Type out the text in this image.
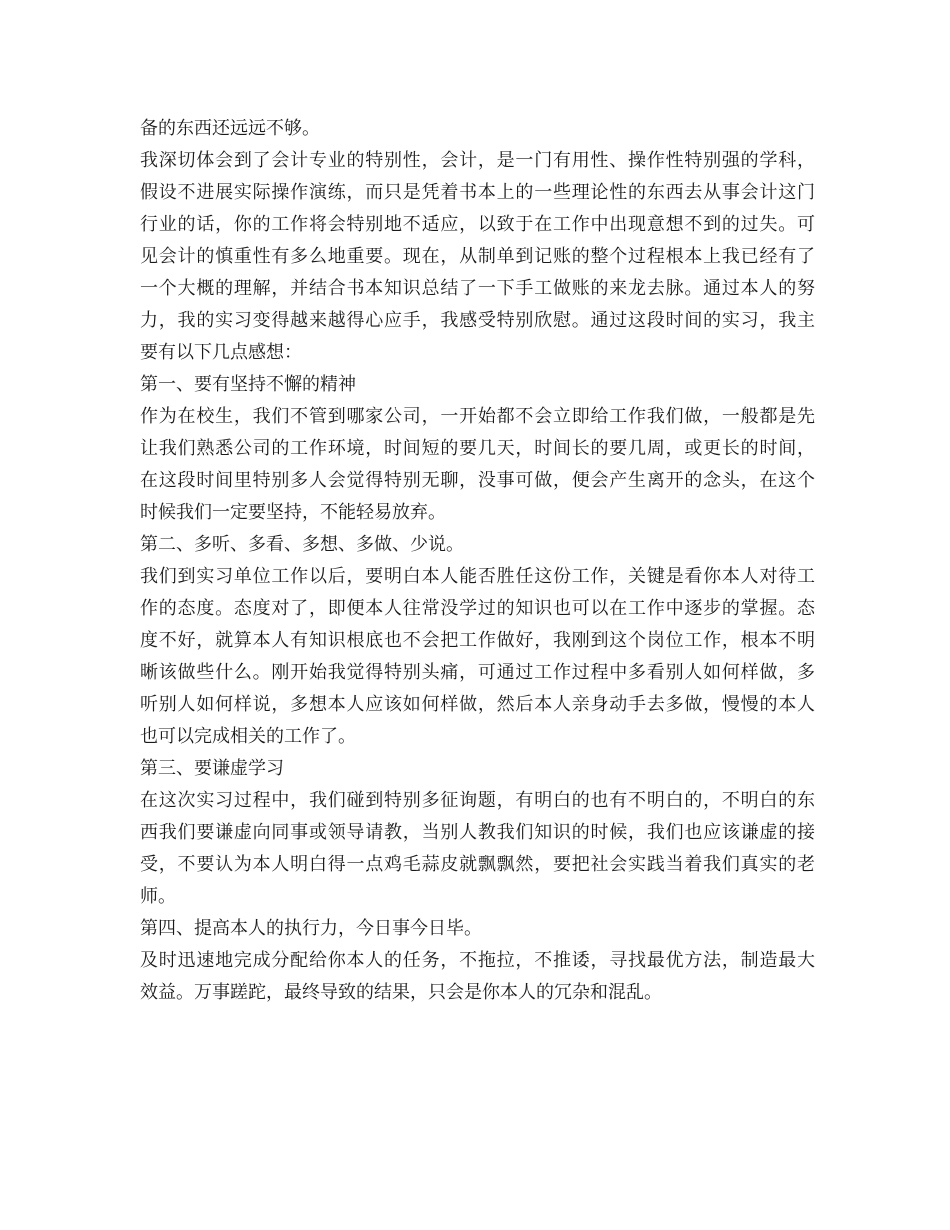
备的东西还远远不够。
我深切体会到了会计专业的特别性，会计，是一门有用性、操作性特别强的学科，
假设不进展实际操作演练，而只是凭着书本上的一些理论性的东西去从事会计这门
行业的话，你的工作将会特别地不适应，以致于在工作中出现意想不到的过失。可
见会计的慎重性有多么地重要。现在，从制单到记账的整个过程根本上我已经有了
一个大概的理解，并结合书本知识总结了一下手工做账的来龙去脉。通过本人的努
力，我的实习变得越来越得心应手，我感受特别欣慰。通过这段时间的实习，我主
要有以下几点感想：
第一、要有坚持不懈的精神
作为在校生，我们不管到哪家公司，一开始都不会立即给工作我们做，一般都是先
让我们熟悉公司的工作环境，时间短的要几天，时间长的要几周，或更长的时间，
在这段时间里特别多人会觉得特别无聊，没事可做，便会产生离开的念头，在这个
时候我们一定要坚持，不能轻易放弃。
第二、多听、多看、多想、多做、少说。
我们到实习单位工作以后，要明白本人能否胜任这份工作，关键是看你本人对待工
作的态度。态度对了，即便本人往常没学过的知识也可以在工作中逐步的掌握。态
度不好，就算本人有知识根底也不会把工作做好，我刚到这个岗位工作，根本不明
晰该做些什么。刚开始我觉得特别头痛，可通过工作过程中多看别人如何样做，多
听别人如何样说，多想本人应该如何样做，然后本人亲身动手去多做，慢慢的本人
也可以完成相关的工作了。
第三、要谦虚学习
在这次实习过程中，我们碰到特别多征询题，有明白的也有不明白的，不明白的东
西我们要谦虚向同事或领导请教，当别人教我们知识的时候，我们也应该谦虚的接
受，不要认为本人明白得一点鸡毛蒜皮就飘飘然，要把社会实践当着我们真实的老
师。
第四、提高本人的执行力，今日事今日毕。
及时迅速地完成分配给你本人的任务，不拖拉，不推诿，寻找最优方法，制造最大
效益。万事蹉跎，最终导致的结果，只会是你本人的冗杂和混乱。
